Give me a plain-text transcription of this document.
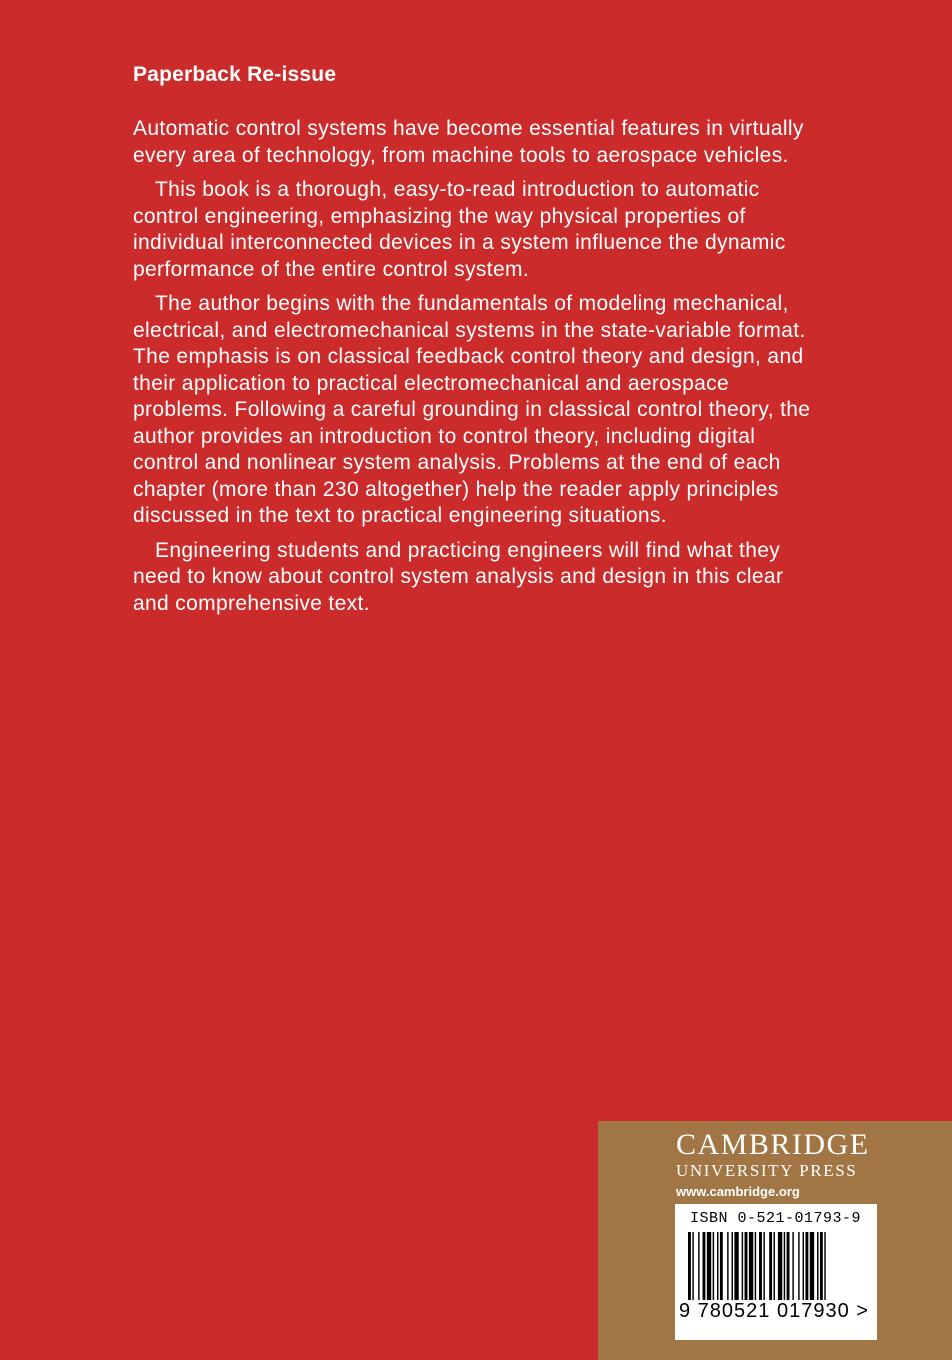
Paperback Re-issue

Automatic control systems have become essential features in virtually every area of technology, from machine tools to aerospace vehicles.

This book is a thorough, easy-to-read introduction to automatic control engineering, emphasizing the way physical properties of individual interconnected devices in a system influence the dynamic performance of the entire control system.

The author begins with the fundamentals of modeling mechanical, electrical, and electromechanical systems in the state-variable format. The emphasis is on classical feedback control theory and design, and their application to practical electromechanical and aerospace problems. Following a careful grounding in classical control theory, the author provides an introduction to control theory, including digital control and nonlinear system analysis. Problems at the end of each chapter (more than 230 altogether) help the reader apply principles discussed in the text to practical engineering situations.

Engineering students and practicing engineers will find what they need to know about control system analysis and design in this clear and comprehensive text.

CAMBRIDGE
UNIVERSITY PRESS
www.cambridge.org
ISBN 0-521-01793-9
9 780521 017930 >
